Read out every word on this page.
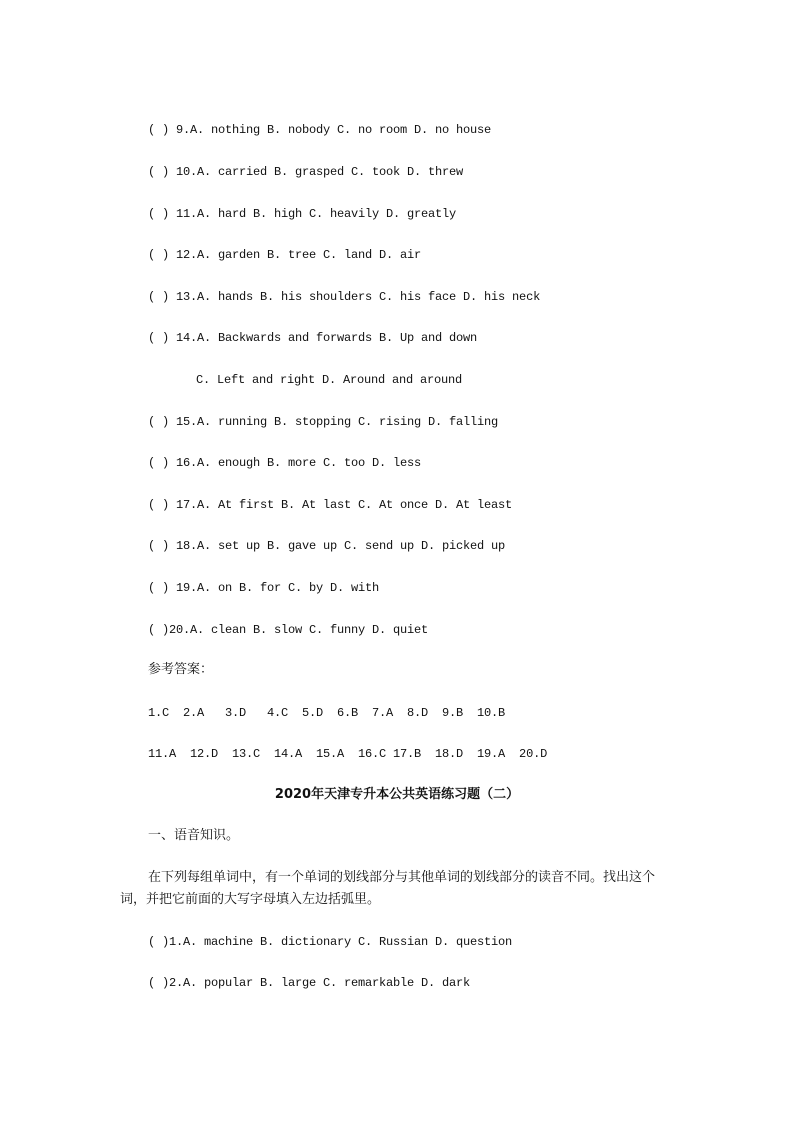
( ) 9.A. nothing B. nobody C. no room D. no house
( ) 10.A. carried B. grasped C. took D. threw
( ) 11.A. hard B. high C. heavily D. greatly
( ) 12.A. garden B. tree C. land D. air
( ) 13.A. hands B. his shoulders C. his face D. his neck
( ) 14.A. Backwards and forwards B. Up and down
C. Left and right D. Around and around
( ) 15.A. running B. stopping C. rising D. falling
( ) 16.A. enough B. more C. too D. less
( ) 17.A. At first B. At last C. At once D. At least
( ) 18.A. set up B. gave up C. send up D. picked up
( ) 19.A. on B. for C. by D. with
( )20.A. clean B. slow C. funny D. quiet
参考答案：
1.C  2.A   3.D   4.C  5.D  6.B  7.A  8.D  9.B  10.B
11.A  12.D  13.C  14.A  15.A  16.C 17.B  18.D  19.A  20.D
2020年天津专升本公共英语练习题（二）
一、语音知识。

在下列每组单词中，有一个单词的划线部分与其他单词的划线部分的读音不同。找出这个词，并把它前面的大写字母填入左边括弧里。

( )1.A. machine B. dictionary C. Russian D. question
( )2.A. popular B. large C. remarkable D. dark
